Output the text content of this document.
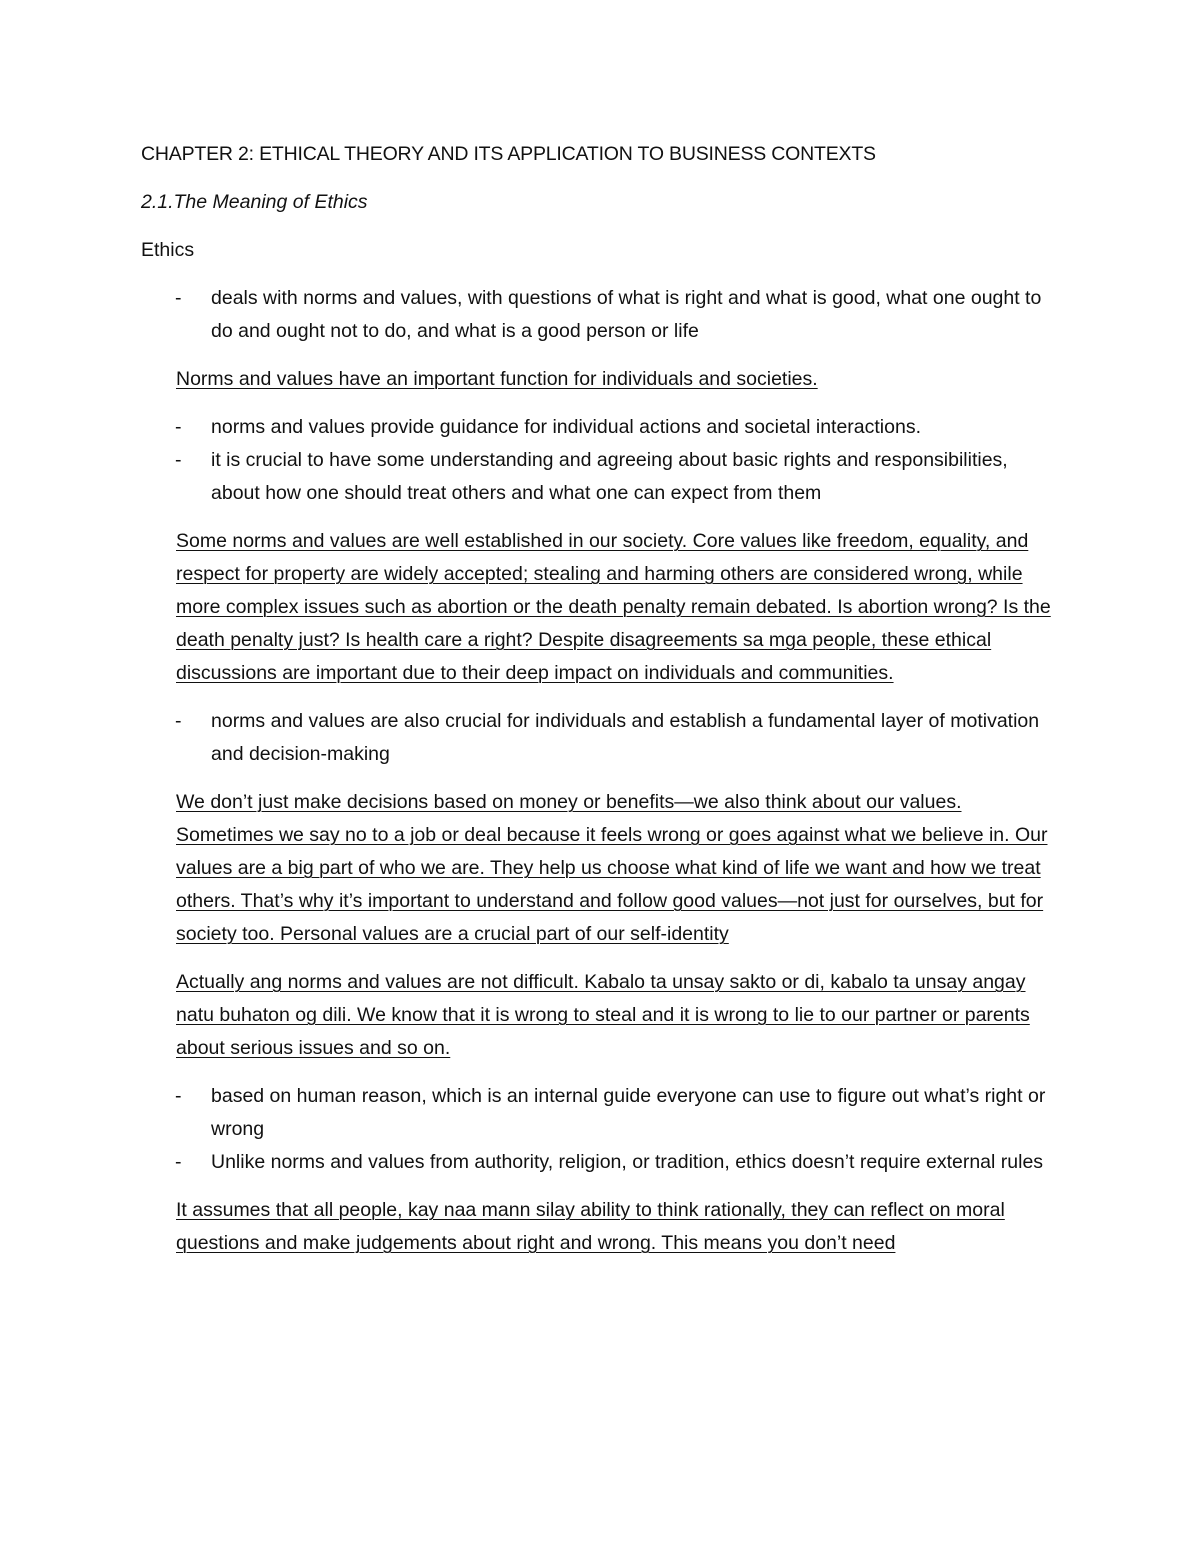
CHAPTER 2: ETHICAL THEORY AND ITS APPLICATION TO BUSINESS CONTEXTS
2.1.The Meaning of Ethics
Ethics
- deals with norms and values, with questions of what is right and what is good, what one ought to do and ought not to do, and what is a good person or life
Norms and values have an important function for individuals and societies.
- norms and values provide guidance for individual actions and societal interactions.
- it is crucial to have some understanding and agreeing about basic rights and responsibilities, about how one should treat others and what one can expect from them
Some norms and values are well established in our society. Core values like freedom, equality, and respect for property are widely accepted; stealing and harming others are considered wrong, while more complex issues such as abortion or the death penalty remain debated. Is abortion wrong? Is the death penalty just? Is health care a right? Despite disagreements sa mga people, these ethical discussions are important due to their deep impact on individuals and communities.
- norms and values are also crucial for individuals and establish a fundamental layer of motivation and decision-making
We don’t just make decisions based on money or benefits—we also think about our values. Sometimes we say no to a job or deal because it feels wrong or goes against what we believe in. Our values are a big part of who we are. They help us choose what kind of life we want and how we treat others. That’s why it’s important to understand and follow good values—not just for ourselves, but for society too. Personal values are a crucial part of our self-identity
Actually ang norms and values are not difficult. Kabalo ta unsay sakto or di, kabalo ta unsay angay natu buhaton og dili. We know that it is wrong to steal and it is wrong to lie to our partner or parents about serious issues and so on.
- based on human reason, which is an internal guide everyone can use to figure out what’s right or wrong
- Unlike norms and values from authority, religion, or tradition, ethics doesn’t require external rules
It assumes that all people, kay naa mann silay ability to think rationally, they can reflect on moral questions and make judgements about right and wrong. This means you don’t need
